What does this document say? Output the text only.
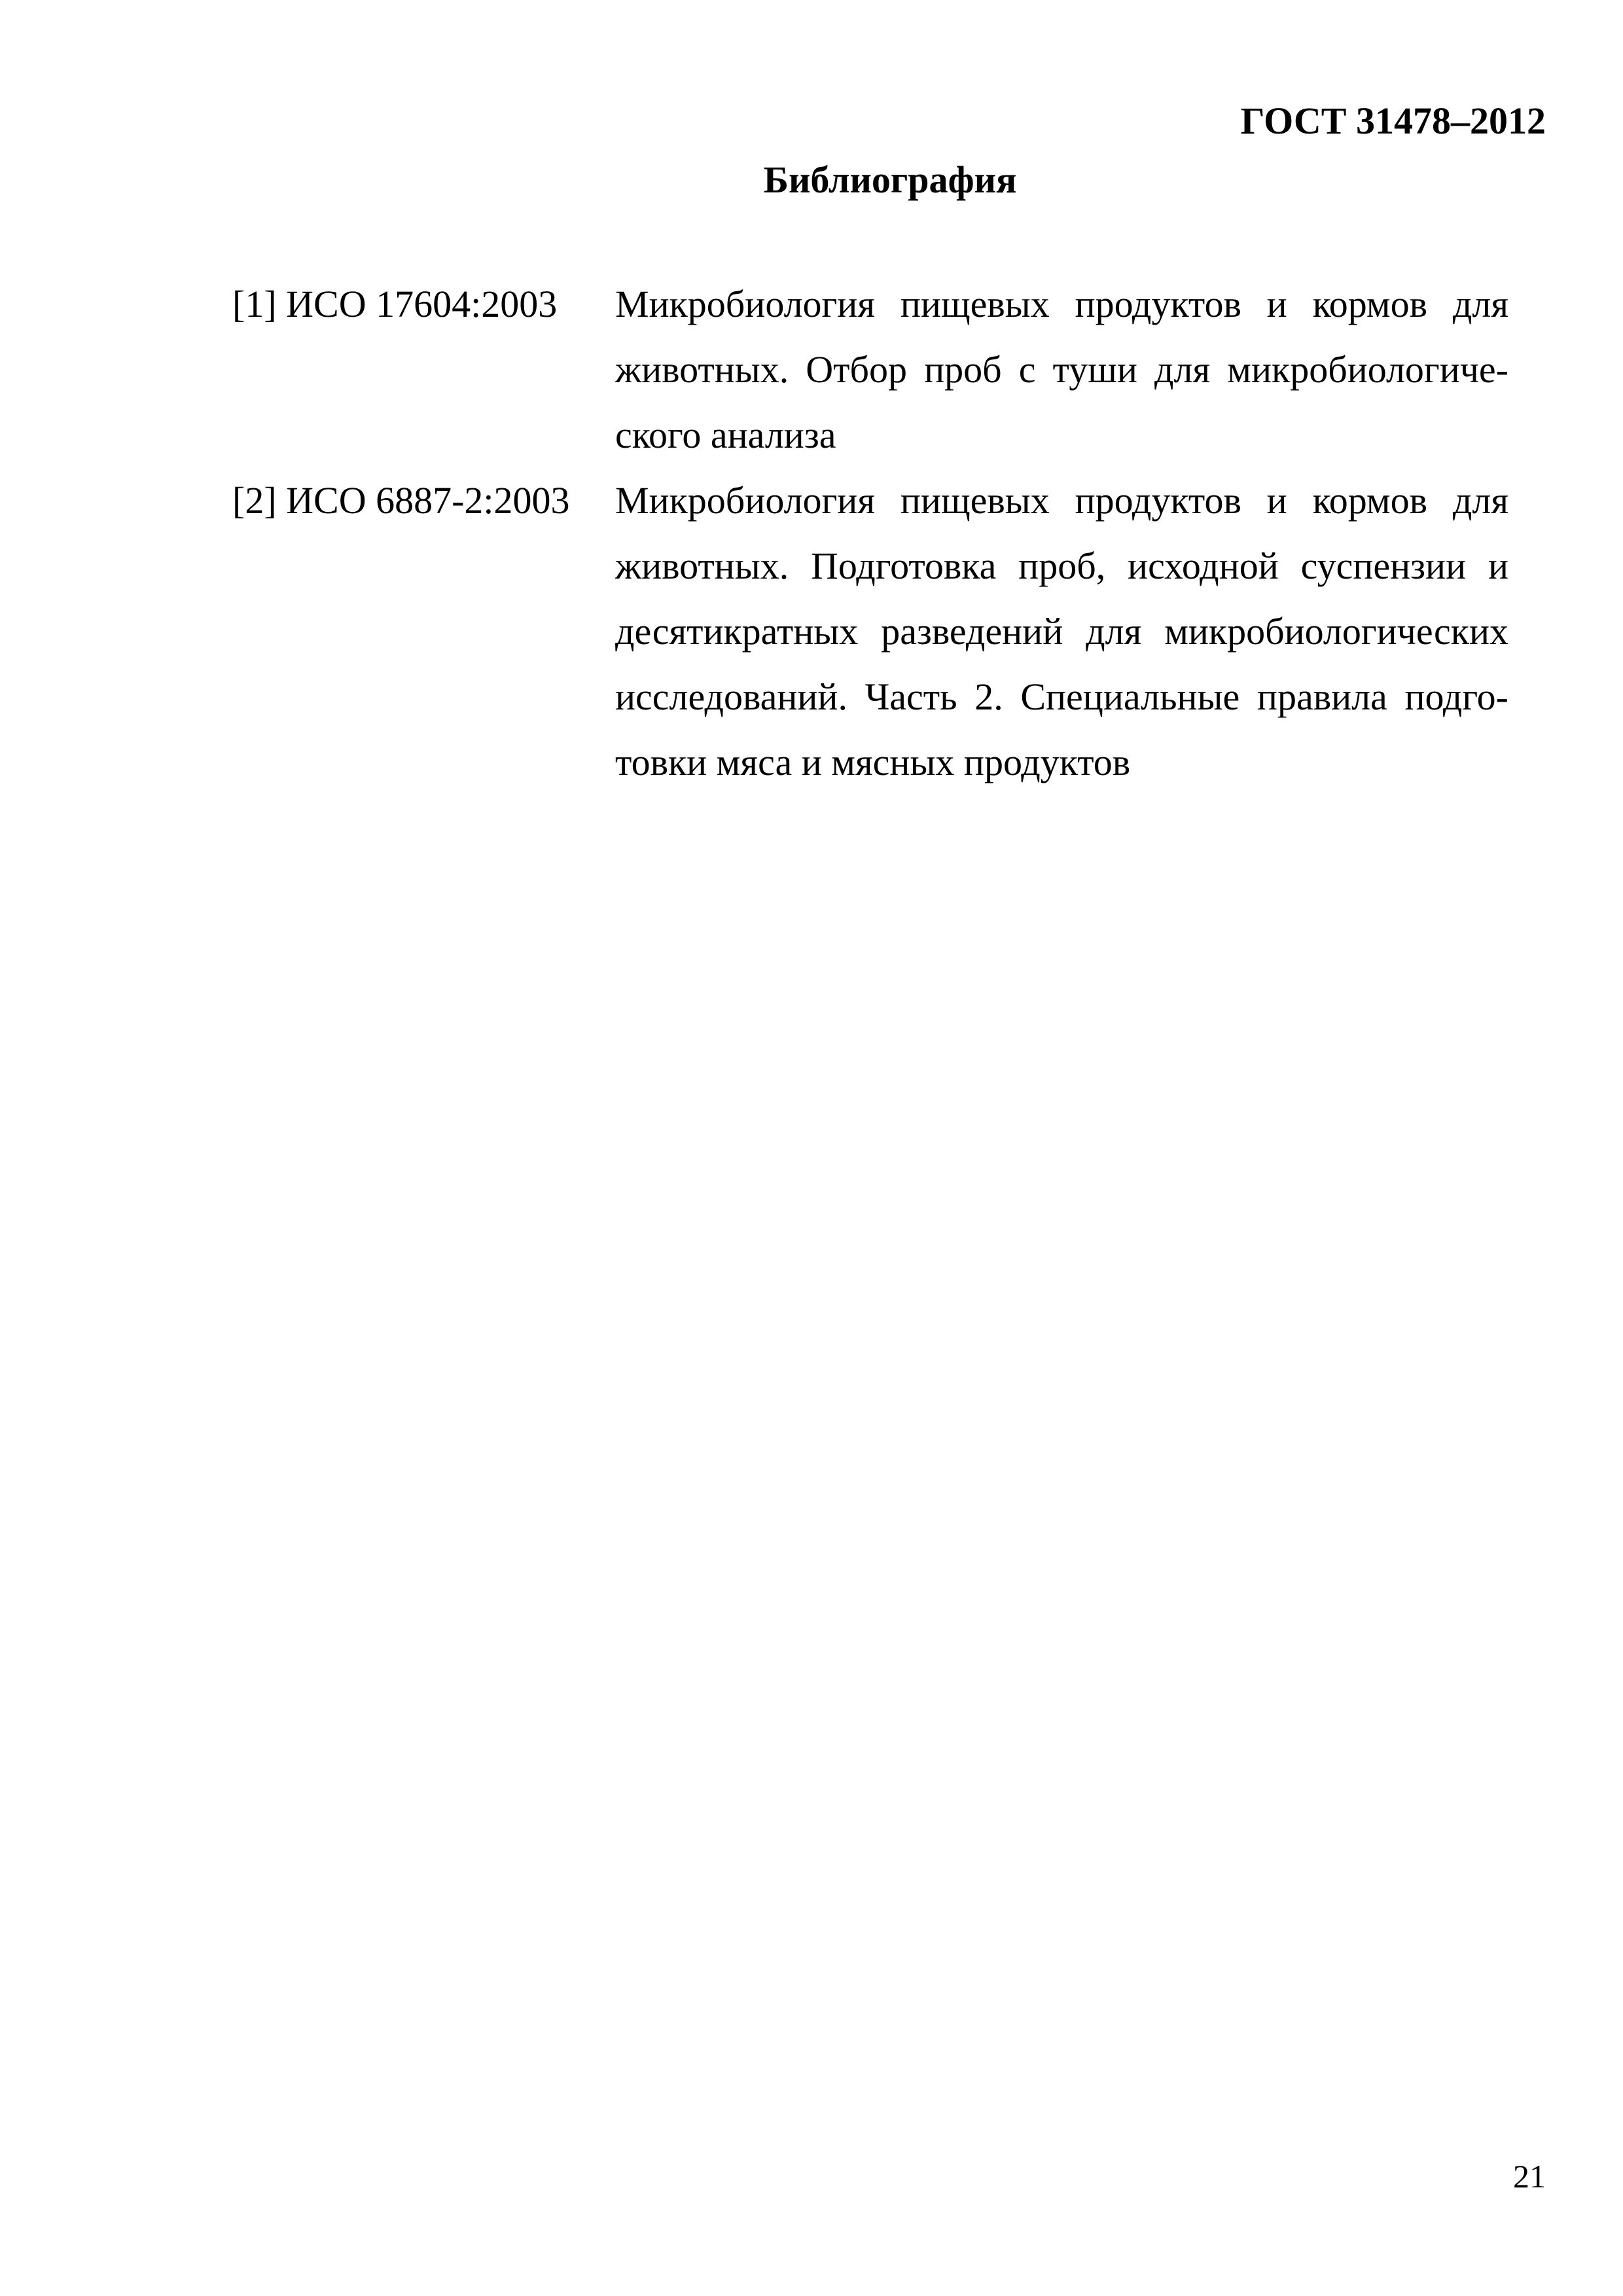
ГОСТ 31478–2012
Библиография
[1] ИСО 17604:2003	Микробиология пищевых продуктов и кормов для животных. Отбор проб с туши для микробиологического анализа
[2] ИСО 6887-2:2003	Микробиология пищевых продуктов и кормов для животных. Подготовка проб, исходной суспензии и десятикратных разведений для микробиологических исследований. Часть 2. Специальные правила подготовки мяса и мясных продуктов
21
